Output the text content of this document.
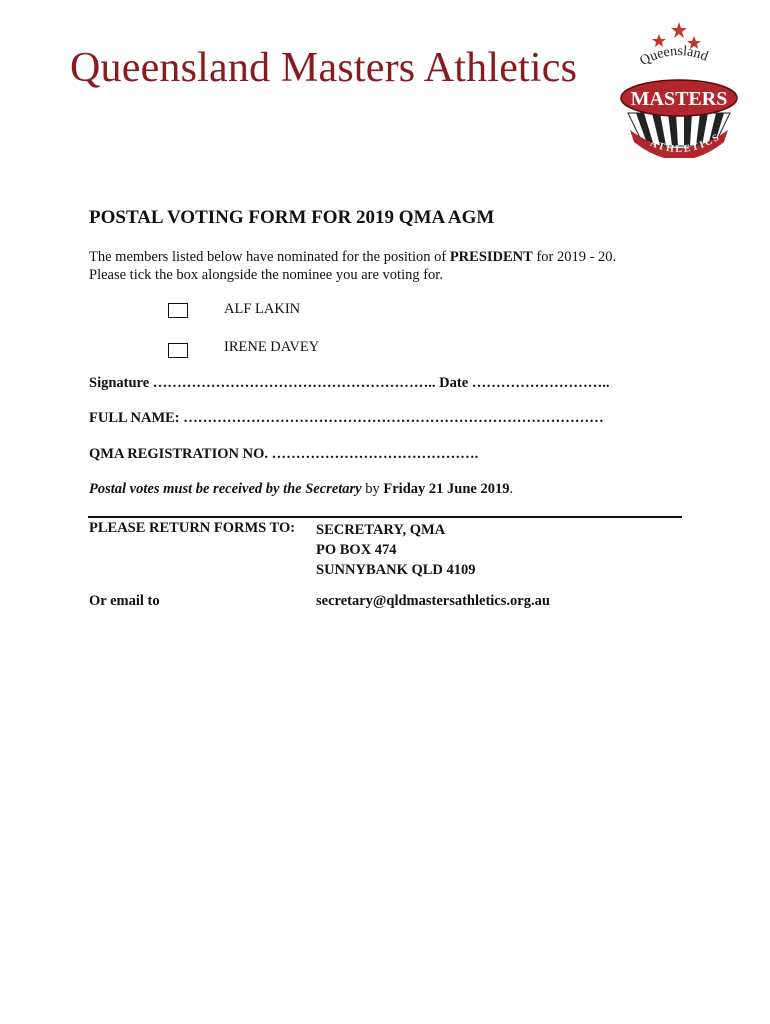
Queensland Masters Athletics	Queensland
MASTERS
ATHLETICS
POSTAL VOTING FORM FOR 2019 QMA AGM
The members listed below have nominated for the position of PRESIDENT for 2019 - 20.
Please tick the box alongside the nominee you are voting for.
ALF LAKIN
IRENE DAVEY
Signature ………………………………………………….. Date ………………………..
FULL NAME: ……………………………………………………………………………
QMA REGISTRATION NO. …………………………………….
Postal votes must be received by the Secretary by Friday 21 June 2019.
PLEASE RETURN FORMS TO: SECRETARY, QMA
PO BOX 474
SUNNYBANK QLD 4109
Or email to	secretary@qldmastersathletics.org.au
